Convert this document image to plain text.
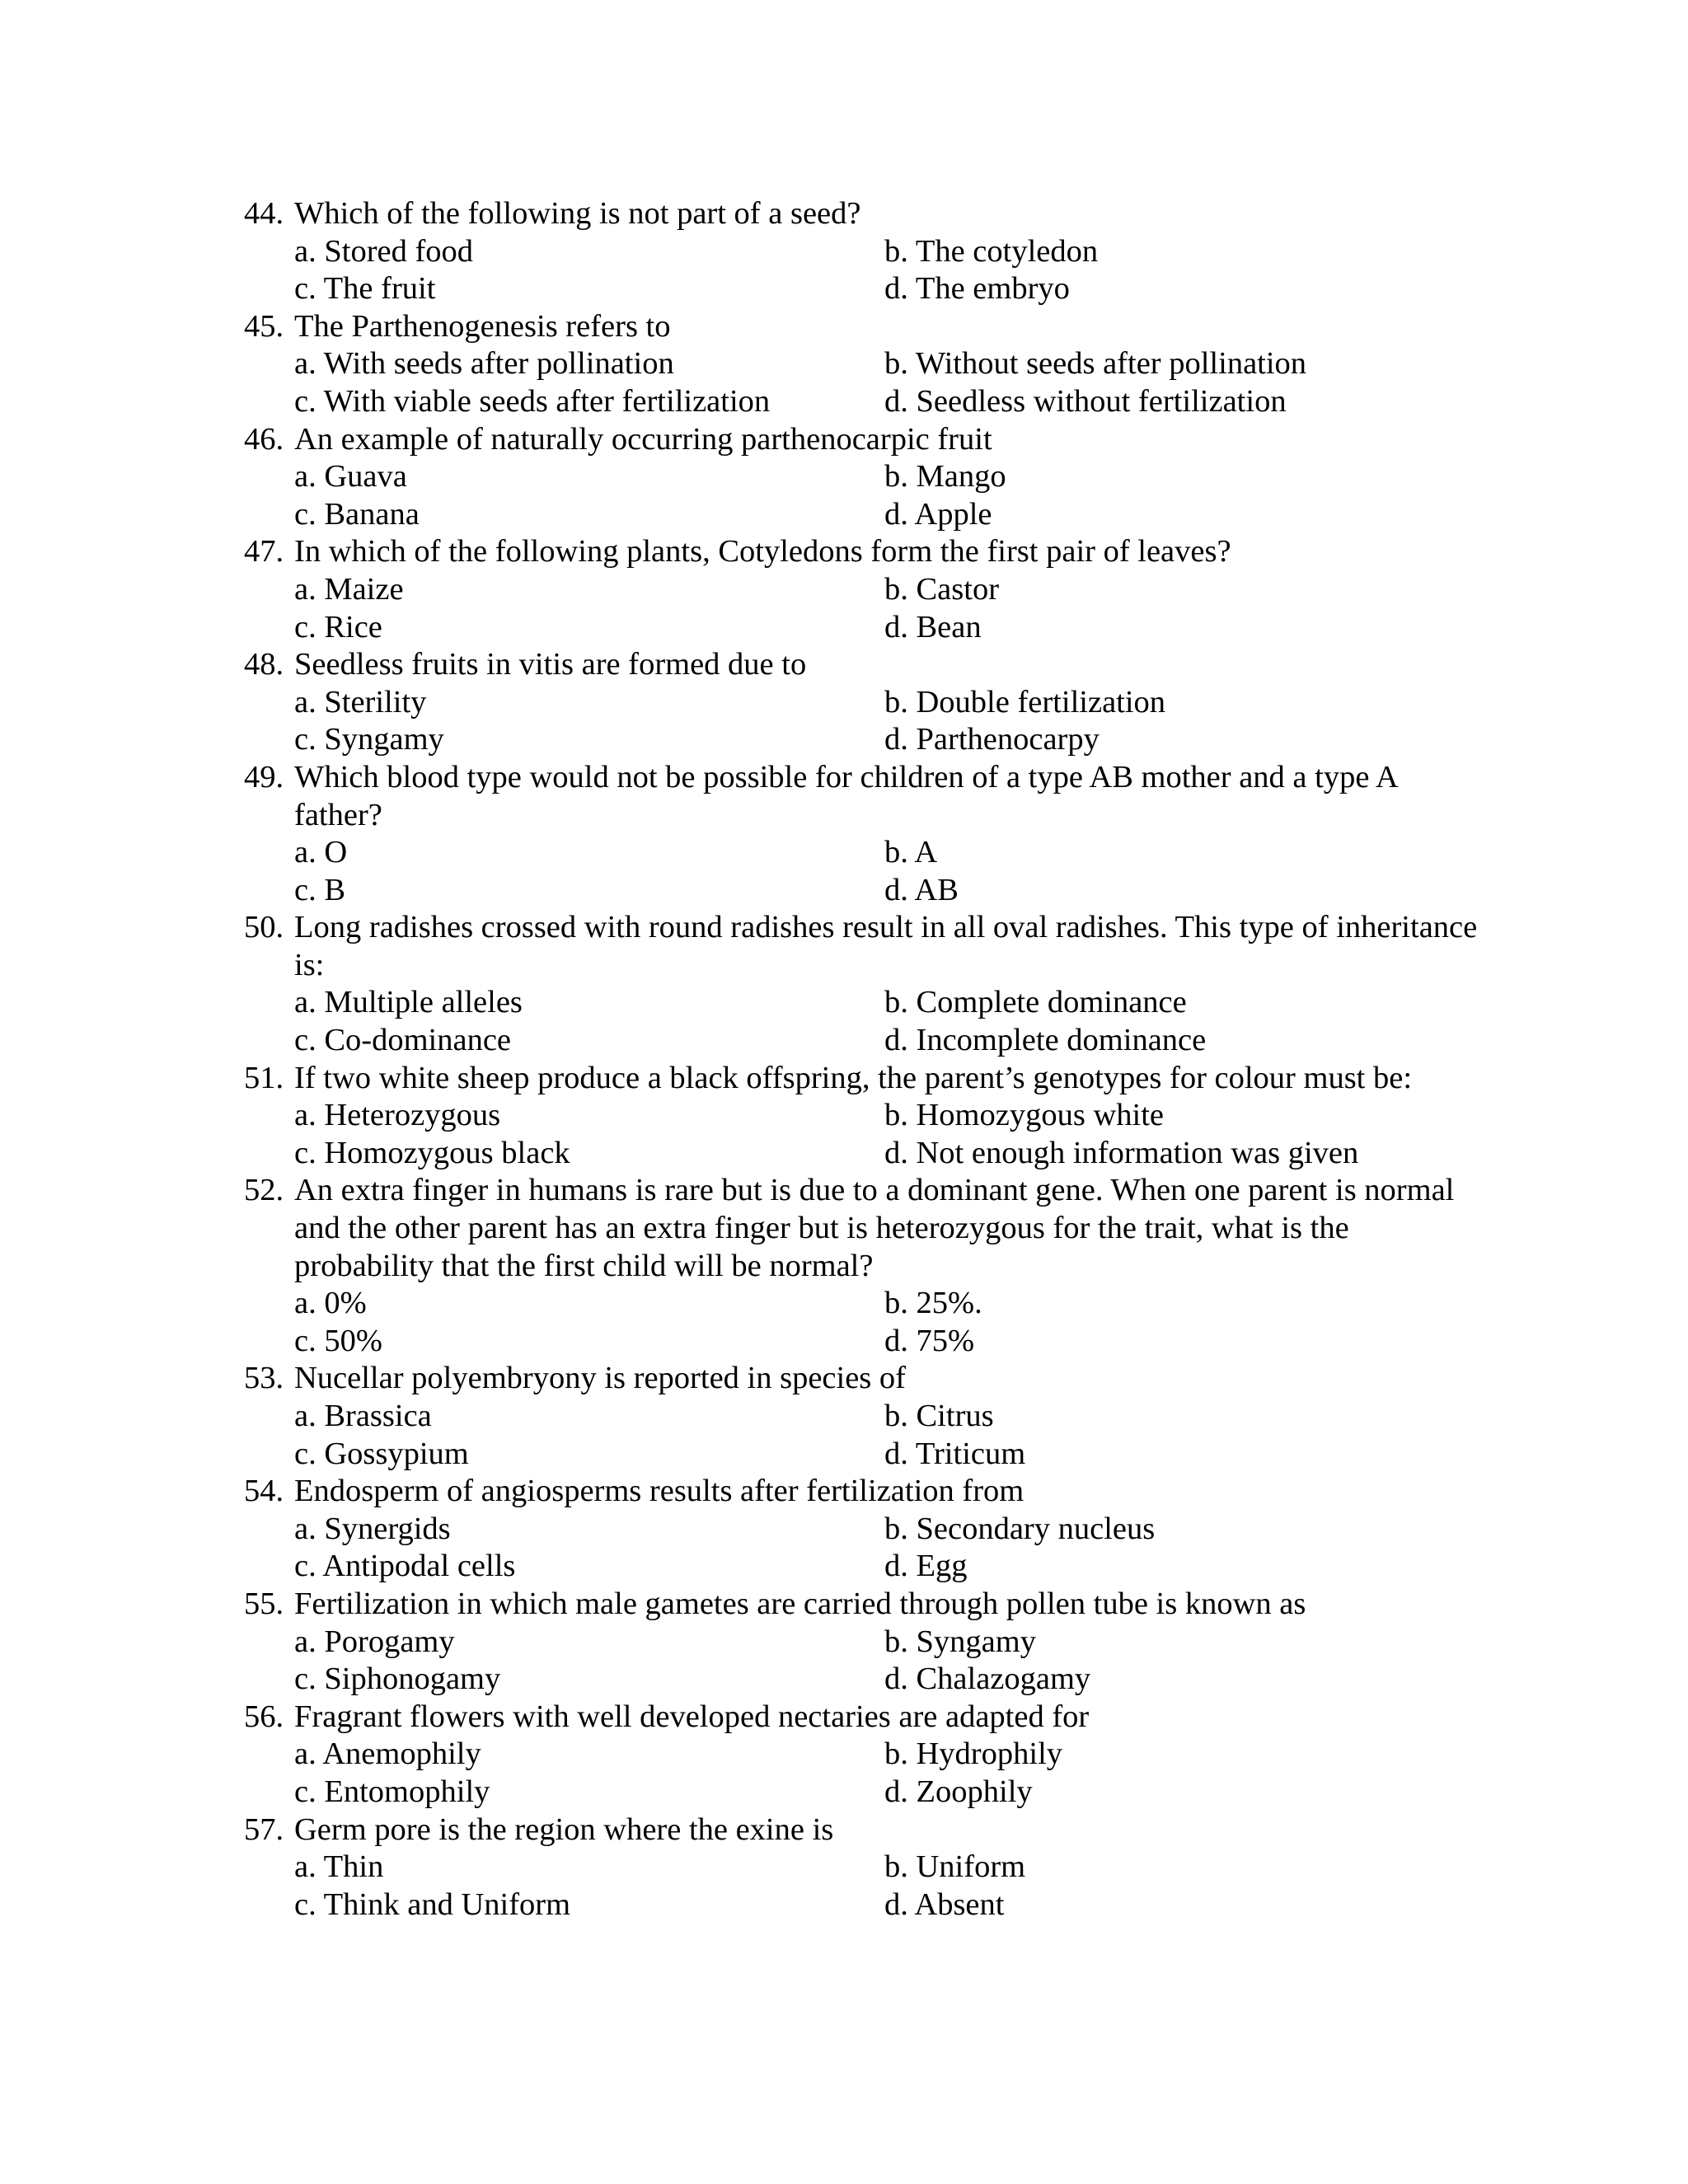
44. Which of the following is not part of a seed?
a. Stored food	b. The cotyledon
c. The fruit	d. The embryo
45. The Parthenogenesis refers to
a. With seeds after pollination	b. Without seeds after pollination
c. With viable seeds after fertilization	d. Seedless without fertilization
46. An example of naturally occurring parthenocarpic fruit
a. Guava	b. Mango
c. Banana	d. Apple
47. In which of the following plants, Cotyledons form the first pair of leaves?
a. Maize	b. Castor
c. Rice	d. Bean
48. Seedless fruits in vitis are formed due to
a. Sterility	b. Double fertilization
c. Syngamy	d. Parthenocarpy
49. Which blood type would not be possible for children of a type AB mother and a type A father?
a. O	b. A
c. B	d. AB
50. Long radishes crossed with round radishes result in all oval radishes. This type of inheritance is:
a. Multiple alleles	b. Complete dominance
c. Co-dominance	d. Incomplete dominance
51. If two white sheep produce a black offspring, the parent’s genotypes for colour must be:
a. Heterozygous	b. Homozygous white
c. Homozygous black	d. Not enough information was given
52. An extra finger in humans is rare but is due to a dominant gene. When one parent is normal and the other parent has an extra finger but is heterozygous for the trait, what is the probability that the first child will be normal?
a. 0%	b. 25%.
c. 50%	d. 75%
53. Nucellar polyembryony is reported in species of
a. Brassica	b. Citrus
c. Gossypium	d. Triticum
54. Endosperm of angiosperms results after fertilization from
a. Synergids	b. Secondary nucleus
c. Antipodal cells	d. Egg
55. Fertilization in which male gametes are carried through pollen tube is known as
a. Porogamy	b. Syngamy
c. Siphonogamy	d. Chalazogamy
56. Fragrant flowers with well developed nectaries are adapted for
a. Anemophily	b. Hydrophily
c. Entomophily	d. Zoophily
57. Germ pore is the region where the exine is
a. Thin	b. Uniform
c. Think and Uniform	d. Absent
